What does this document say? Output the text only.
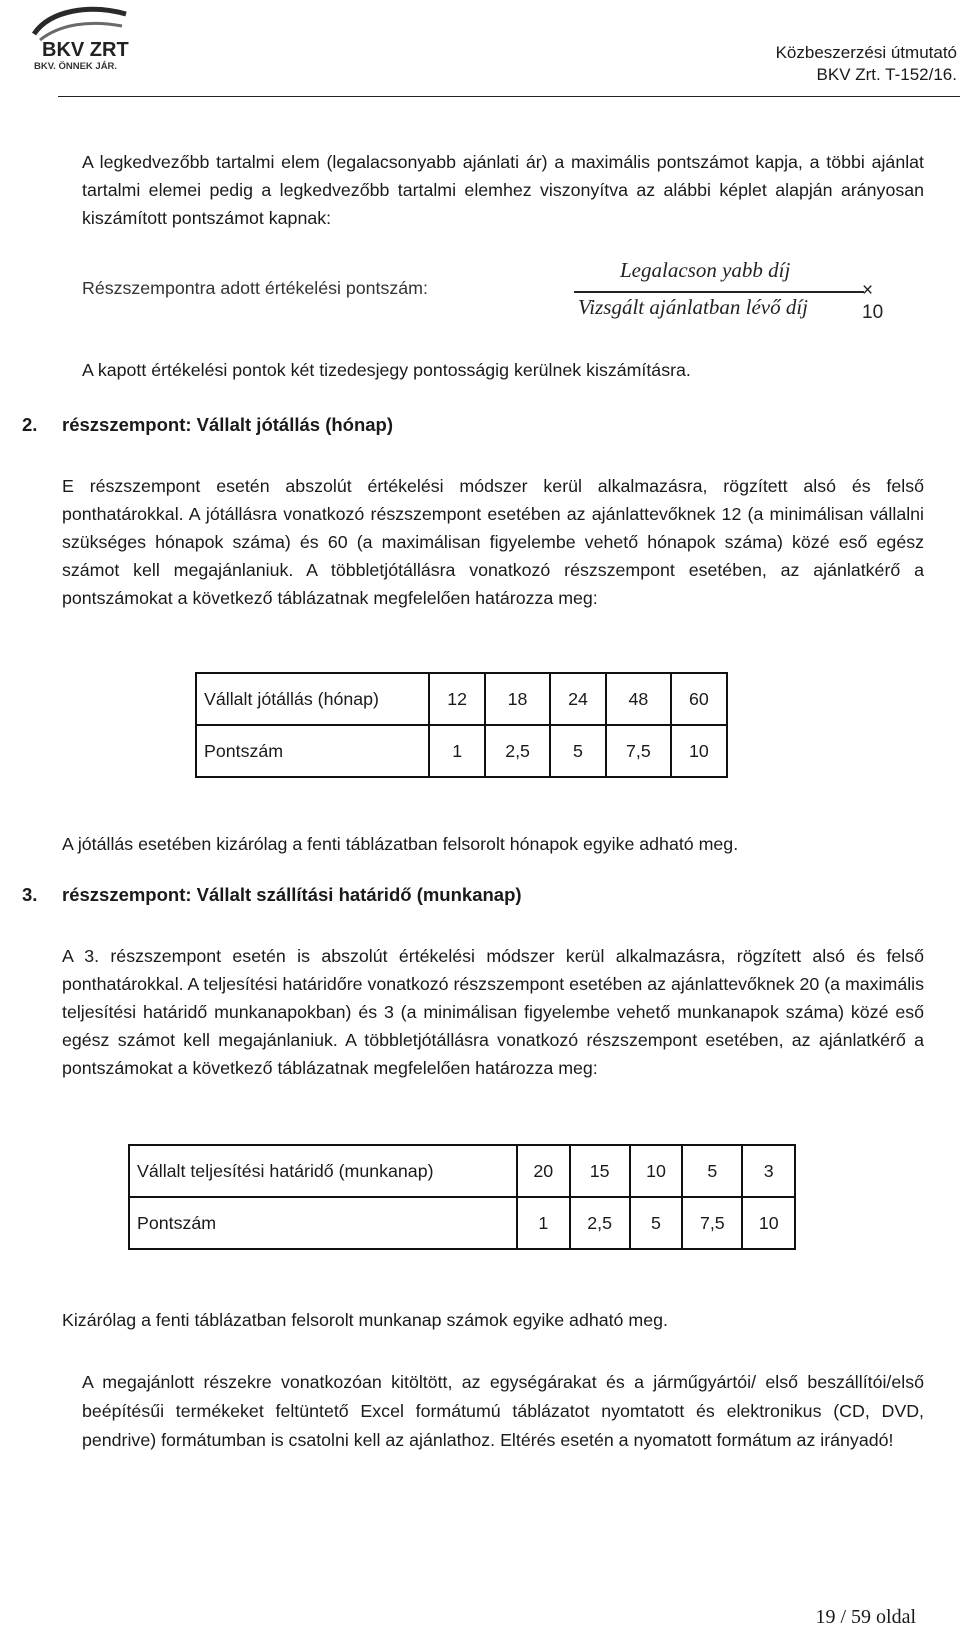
BKV ZRT
BKV. ÖNNEK JÁR.
Közbeszerzési útmutató
BKV Zrt. T-152/16.

A legkedvezőbb tartalmi elem (legalacsonyabb ajánlati ár) a maximális pontszámot kapja, a többi ajánlat tartalmi elemei pedig a legkedvezőbb tartalmi elemhez viszonyítva az alábbi képlet alapján arányosan kiszámított pontszámot kapnak:

Részszempontra adott értékelési pontszám:
Legalacson yabb díj
Vizsgált ajánlatban lévő díj
× 10

A kapott értékelési pontok két tizedesjegy pontosságig kerülnek kiszámításra.

2. részszempont: Vállalt jótállás (hónap)

E részszempont esetén abszolút értékelési módszer kerül alkalmazásra, rögzített alsó és felső ponthatárokkal. A jótállásra vonatkozó részszempont esetében az ajánlattevőknek 12 (a minimálisan vállalni szükséges hónapok száma) és 60 (a maximálisan figyelembe vehető hónapok száma) közé eső egész számot kell megajánlaniuk. A többletjótállásra vonatkozó részszempont esetében, az ajánlatkérő a pontszámokat a következő táblázatnak megfelelően határozza meg:

Vállalt jótállás (hónap)	12	18	24	48	60
Pontszám	1	2,5	5	7,5	10

A jótállás esetében kizárólag a fenti táblázatban felsorolt hónapok egyike adható meg.

3. részszempont: Vállalt szállítási határidő (munkanap)

A 3. részszempont esetén is abszolút értékelési módszer kerül alkalmazásra, rögzített alsó és felső ponthatárokkal. A teljesítési határidőre vonatkozó részszempont esetében az ajánlattevőknek 20 (a maximális teljesítési határidő munkanapokban) és 3 (a minimálisan figyelembe vehető munkanapok száma) közé eső egész számot kell megajánlaniuk. A többletjótállásra vonatkozó részszempont esetében, az ajánlatkérő a pontszámokat a következő táblázatnak megfelelően határozza meg:

Vállalt teljesítési határidő (munkanap)	20	15	10	5	3
Pontszám	1	2,5	5	7,5	10

Kizárólag a fenti táblázatban felsorolt munkanap számok egyike adható meg.

A megajánlott részekre vonatkozóan kitöltött, az egységárakat és a járműgyártói/ első beszállítói/első beépítésűi termékeket feltüntető Excel formátumú táblázatot nyomtatott és elektronikus (CD, DVD, pendrive) formátumban is csatolni kell az ajánlathoz. Eltérés esetén a nyomatott formátum az irányadó!

19 / 59 oldal
